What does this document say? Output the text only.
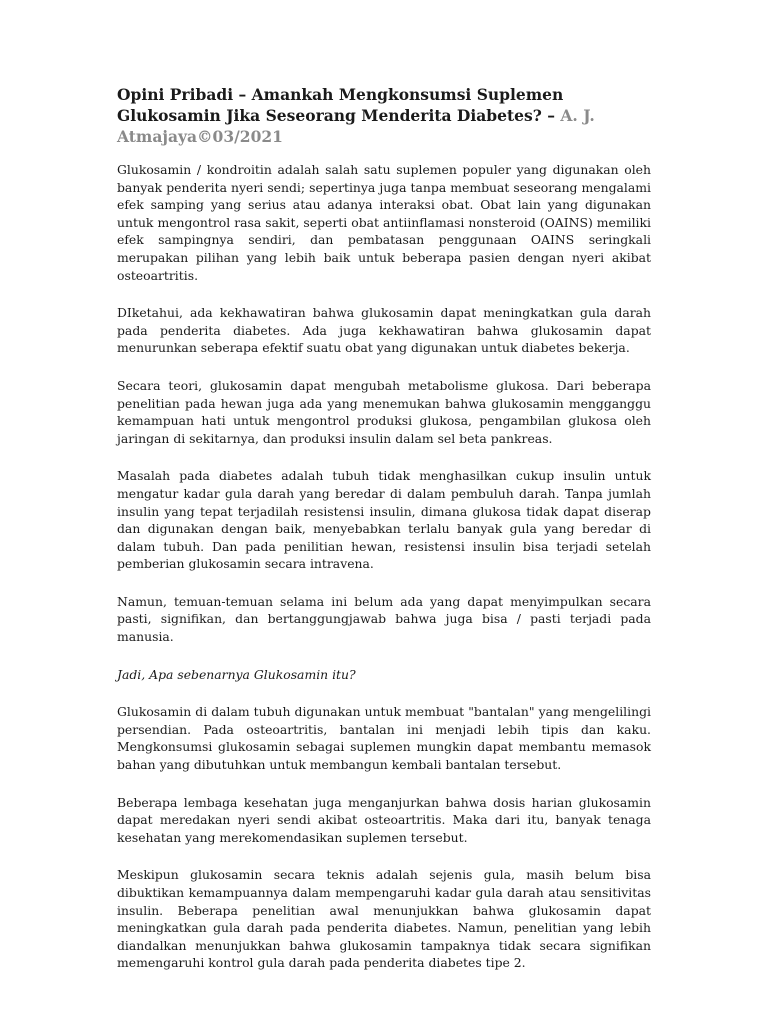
Opini Pribadi – Amankah Mengkonsumsi Suplemen Glukosamin Jika Seseorang Menderita Diabetes? – A. J. Atmajaya©03/2021

Glukosamin / kondroitin adalah salah satu suplemen populer yang digunakan oleh banyak penderita nyeri sendi; sepertinya juga tanpa membuat seseorang mengalami efek samping yang serius atau adanya interaksi obat. Obat lain yang digunakan untuk mengontrol rasa sakit, seperti obat antiinflamasi nonsteroid (OAINS) memiliki efek sampingnya sendiri, dan pembatasan penggunaan OAINS seringkali merupakan pilihan yang lebih baik untuk beberapa pasien dengan nyeri akibat osteoartritis.

DIketahui, ada kekhawatiran bahwa glukosamin dapat meningkatkan gula darah pada penderita diabetes. Ada juga kekhawatiran bahwa glukosamin dapat menurunkan seberapa efektif suatu obat yang digunakan untuk diabetes bekerja.

Secara teori, glukosamin dapat mengubah metabolisme glukosa. Dari beberapa penelitian pada hewan juga ada yang menemukan bahwa glukosamin mengganggu kemampuan hati untuk mengontrol produksi glukosa, pengambilan glukosa oleh jaringan di sekitarnya, dan produksi insulin dalam sel beta pankreas.

Masalah pada diabetes adalah tubuh tidak menghasilkan cukup insulin untuk mengatur kadar gula darah yang beredar di dalam pembuluh darah. Tanpa jumlah insulin yang tepat terjadilah resistensi insulin, dimana glukosa tidak dapat diserap dan digunakan dengan baik, menyebabkan terlalu banyak gula yang beredar di dalam tubuh. Dan pada penilitian hewan, resistensi insulin bisa terjadi setelah pemberian glukosamin secara intravena.

Namun, temuan-temuan selama ini belum ada yang dapat menyimpulkan secara pasti, signifikan, dan bertanggungjawab bahwa juga bisa / pasti terjadi pada manusia.

Jadi, Apa sebenarnya Glukosamin itu?

Glukosamin di dalam tubuh digunakan untuk membuat "bantalan" yang mengelilingi persendian. Pada osteoartritis, bantalan ini menjadi lebih tipis dan kaku. Mengkonsumsi glukosamin sebagai suplemen mungkin dapat membantu memasok bahan yang dibutuhkan untuk membangun kembali bantalan tersebut.

Beberapa lembaga kesehatan juga menganjurkan bahwa dosis harian glukosamin dapat meredakan nyeri sendi akibat osteoartritis. Maka dari itu, banyak tenaga kesehatan yang merekomendasikan suplemen tersebut.

Meskipun glukosamin secara teknis adalah sejenis gula, masih belum bisa dibuktikan kemampuannya dalam mempengaruhi kadar gula darah atau sensitivitas insulin. Beberapa penelitian awal menunjukkan bahwa glukosamin dapat meningkatkan gula darah pada penderita diabetes. Namun, penelitian yang lebih diandalkan menunjukkan bahwa glukosamin tampaknya tidak secara signifikan memengaruhi kontrol gula darah pada penderita diabetes tipe 2.
